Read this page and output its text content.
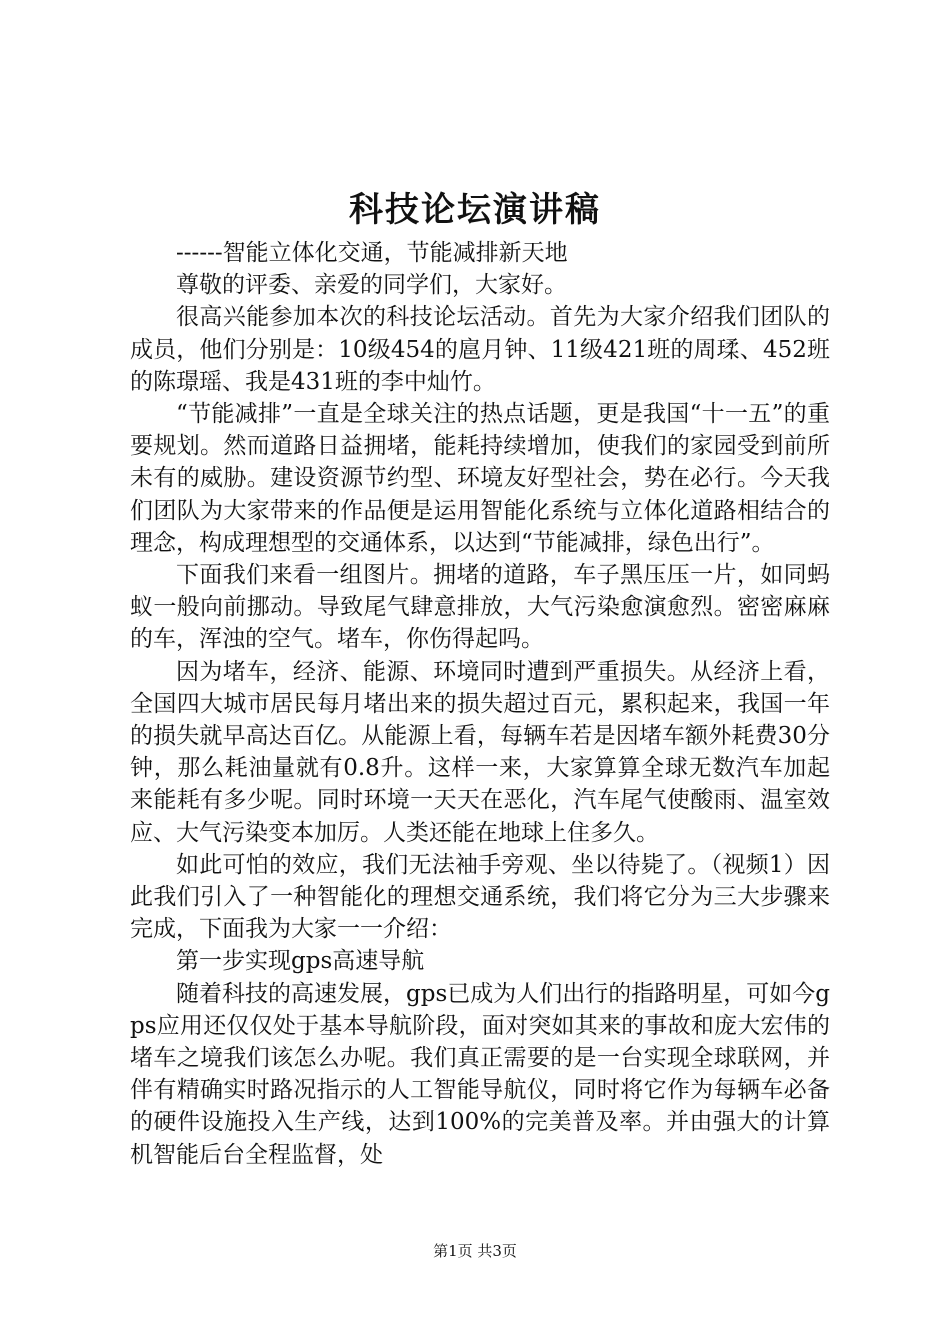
科技论坛演讲稿

------智能立体化交通，节能减排新天地

尊敬的评委、亲爱的同学们，大家好。

很高兴能参加本次的科技论坛活动。首先为大家介绍我们团队的成员，他们分别是：10级454的扈月钟、11级421班的周瑈、452班的陈璟瑶、我是431班的李中灿竹。

“节能减排”一直是全球关注的热点话题，更是我国“十一五”的重要规划。然而道路日益拥堵，能耗持续增加，使我们的家园受到前所未有的威胁。建设资源节约型、环境友好型社会，势在必行。今天我们团队为大家带来的作品便是运用智能化系统与立体化道路相结合的理念，构成理想型的交通体系，以达到“节能减排，绿色出行”。

下面我们来看一组图片。拥堵的道路，车子黑压压一片，如同蚂蚁一般向前挪动。导致尾气肆意排放，大气污染愈演愈烈。密密麻麻的车，浑浊的空气。堵车，你伤得起吗。

因为堵车，经济、能源、环境同时遭到严重损失。从经济上看，全国四大城市居民每月堵出来的损失超过百元，累积起来，我国一年的损失就早高达百亿。从能源上看，每辆车若是因堵车额外耗费30分钟，那么耗油量就有0.8升。这样一来，大家算算全球无数汽车加起来能耗有多少呢。同时环境一天天在恶化，汽车尾气使酸雨、温室效应、大气污染变本加厉。人类还能在地球上住多久。

如此可怕的效应，我们无法袖手旁观、坐以待毙了。（视频1）因此我们引入了一种智能化的理想交通系统，我们将它分为三大步骤来完成，下面我为大家一一介绍：

第一步实现gps高速导航

随着科技的高速发展，gps已成为人们出行的指路明星，可如今gps应用还仅仅处于基本导航阶段，面对突如其来的事故和庞大宏伟的堵车之境我们该怎么办呢。我们真正需要的是一台实现全球联网，并伴有精确实时路况指示的人工智能导航仪，同时将它作为每辆车必备的硬件设施投入生产线，达到100%的完美普及率。并由强大的计算机智能后台全程监督，处

第1页 共3页
